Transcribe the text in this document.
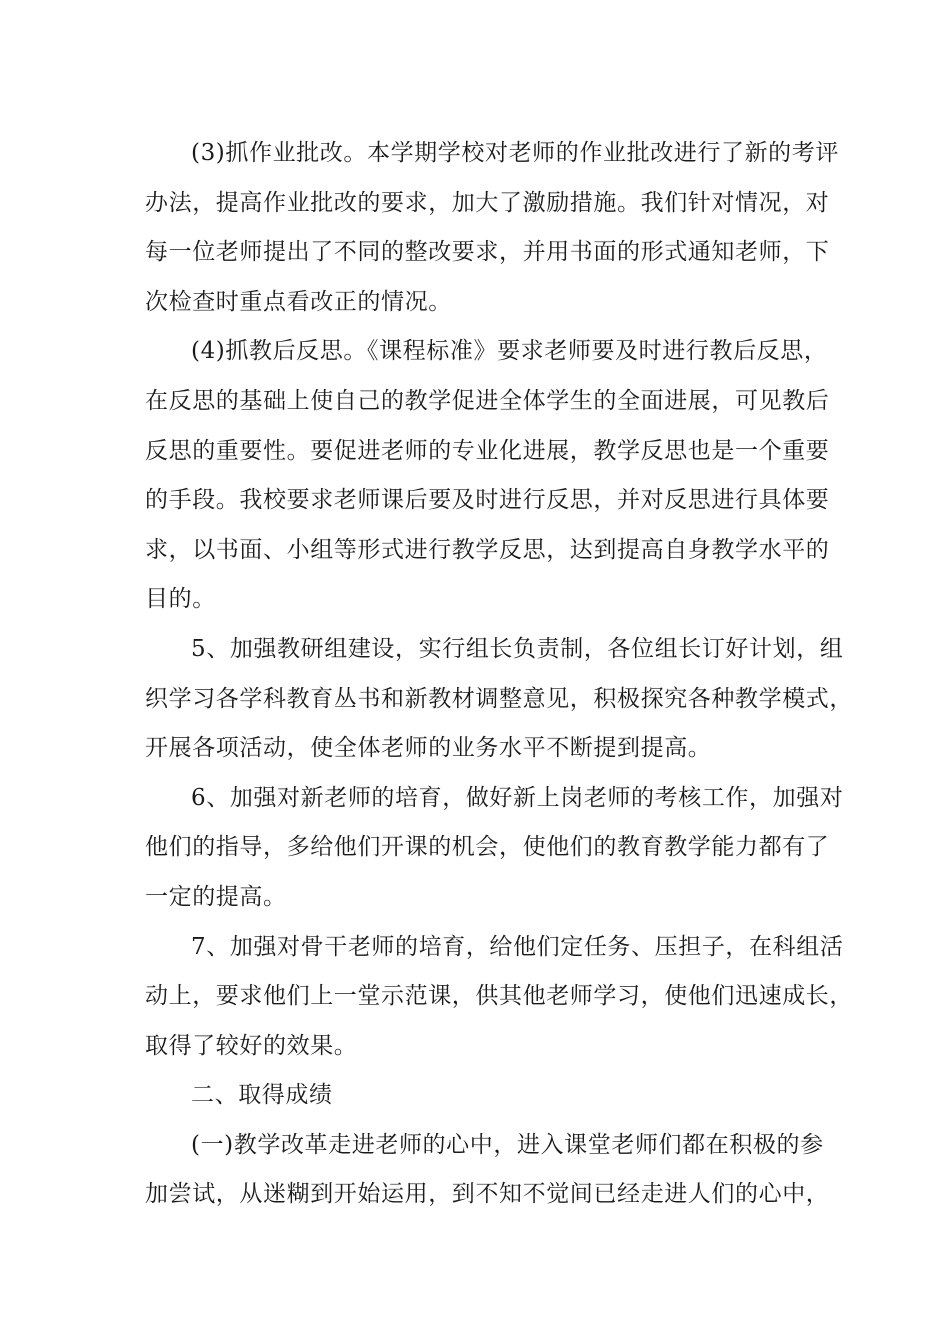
(3)抓作业批改。本学期学校对老师的作业批改进行了新的考评
办法，提高作业批改的要求，加大了激励措施。我们针对情况，对
每一位老师提出了不同的整改要求，并用书面的形式通知老师，下
次检查时重点看改正的情况。
(4)抓教后反思。《课程标准》要求老师要及时进行教后反思，
在反思的基础上使自己的教学促进全体学生的全面进展，可见教后
反思的重要性。要促进老师的专业化进展，教学反思也是一个重要
的手段。我校要求老师课后要及时进行反思，并对反思进行具体要
求，以书面、小组等形式进行教学反思，达到提高自身教学水平的
目的。
5、加强教研组建设，实行组长负责制，各位组长订好计划，组
织学习各学科教育丛书和新教材调整意见，积极探究各种教学模式，
开展各项活动，使全体老师的业务水平不断提到提高。
6、加强对新老师的培育，做好新上岗老师的考核工作，加强对
他们的指导，多给他们开课的机会，使他们的教育教学能力都有了
一定的提高。
7、加强对骨干老师的培育，给他们定任务、压担子，在科组活
动上，要求他们上一堂示范课，供其他老师学习，使他们迅速成长，
取得了较好的效果。
二、取得成绩
(一)教学改革走进老师的心中，进入课堂老师们都在积极的参
加尝试，从迷糊到开始运用，到不知不觉间已经走进人们的心中，
